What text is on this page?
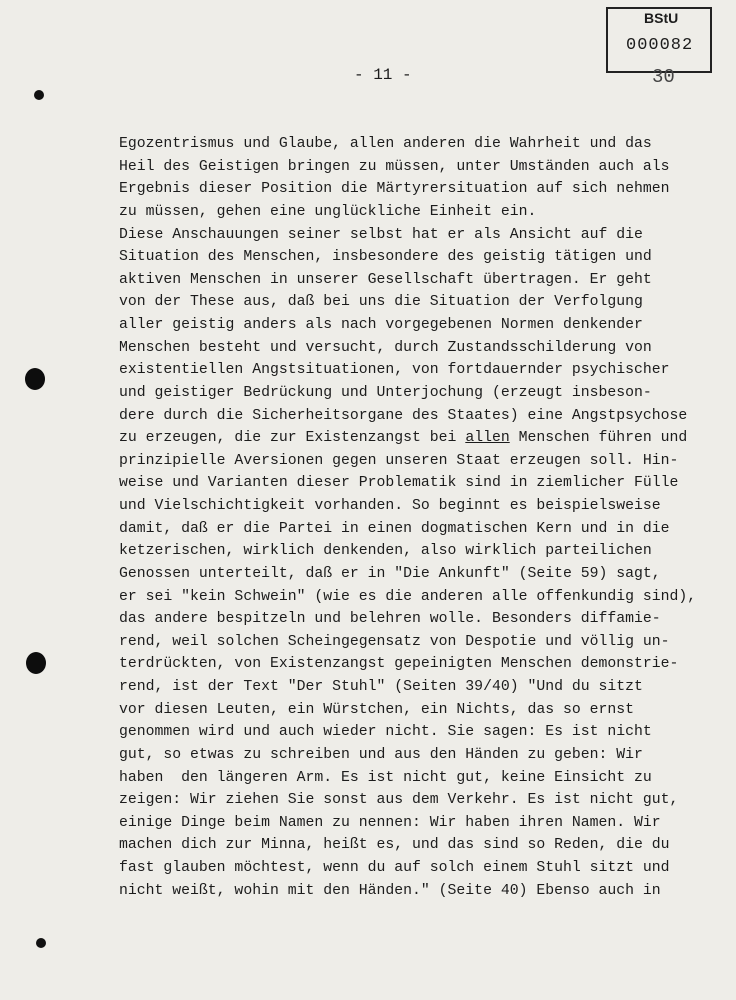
BStU
000082
30
- 11 -
Egozentrismus und Glaube, allen anderen die Wahrheit und das
Heil des Geistigen bringen zu müssen, unter Umständen auch als
Ergebnis dieser Position die Märtyrersituation auf sich nehmen
zu müssen, gehen eine unglückliche Einheit ein.
Diese Anschauungen seiner selbst hat er als Ansicht auf die
Situation des Menschen, insbesondere des geistig tätigen und
aktiven Menschen in unserer Gesellschaft übertragen. Er geht
von der These aus, daß bei uns die Situation der Verfolgung
aller geistig anders als nach vorgegebenen Normen denkender
Menschen besteht und versucht, durch Zustandsschilderung von
existentiellen Angstsituationen, von fortdauernder psychischer
und geistiger Bedrückung und Unterjochung (erzeugt insbeson-
dere durch die Sicherheitsorgane des Staates) eine Angstpsychose
zu erzeugen, die zur Existenzangst bei allen Menschen führen und
prinzipielle Aversionen gegen unseren Staat erzeugen soll. Hin-
weise und Varianten dieser Problematik sind in ziemlicher Fülle
und Vielschichtigkeit vorhanden. So beginnt es beispielsweise
damit, daß er die Partei in einen dogmatischen Kern und in die
ketzerischen, wirklich denkenden, also wirklich parteilichen
Genossen unterteilt, daß er in "Die Ankunft" (Seite 59) sagt,
er sei "kein Schwein" (wie es die anderen alle offenkundig sind),
das andere bespitzeln und belehren wolle. Besonders diffamie-
rend, weil solchen Scheingegensatz von Despotie und völlig un-
terdrückten, von Existenzangst gepeinigten Menschen demonstrie-
rend, ist der Text "Der Stuhl" (Seiten 39/40) "Und du sitzt
vor diesen Leuten, ein Würstchen, ein Nichts, das so ernst
genommen wird und auch wieder nicht. Sie sagen: Es ist nicht
gut, so etwas zu schreiben und aus den Händen zu geben: Wir
haben  den längeren Arm. Es ist nicht gut, keine Einsicht zu
zeigen: Wir ziehen Sie sonst aus dem Verkehr. Es ist nicht gut,
einige Dinge beim Namen zu nennen: Wir haben ihren Namen. Wir
machen dich zur Minna, heißt es, und das sind so Reden, die du
fast glauben möchtest, wenn du auf solch einem Stuhl sitzt und
nicht weißt, wohin mit den Händen." (Seite 40) Ebenso auch in
